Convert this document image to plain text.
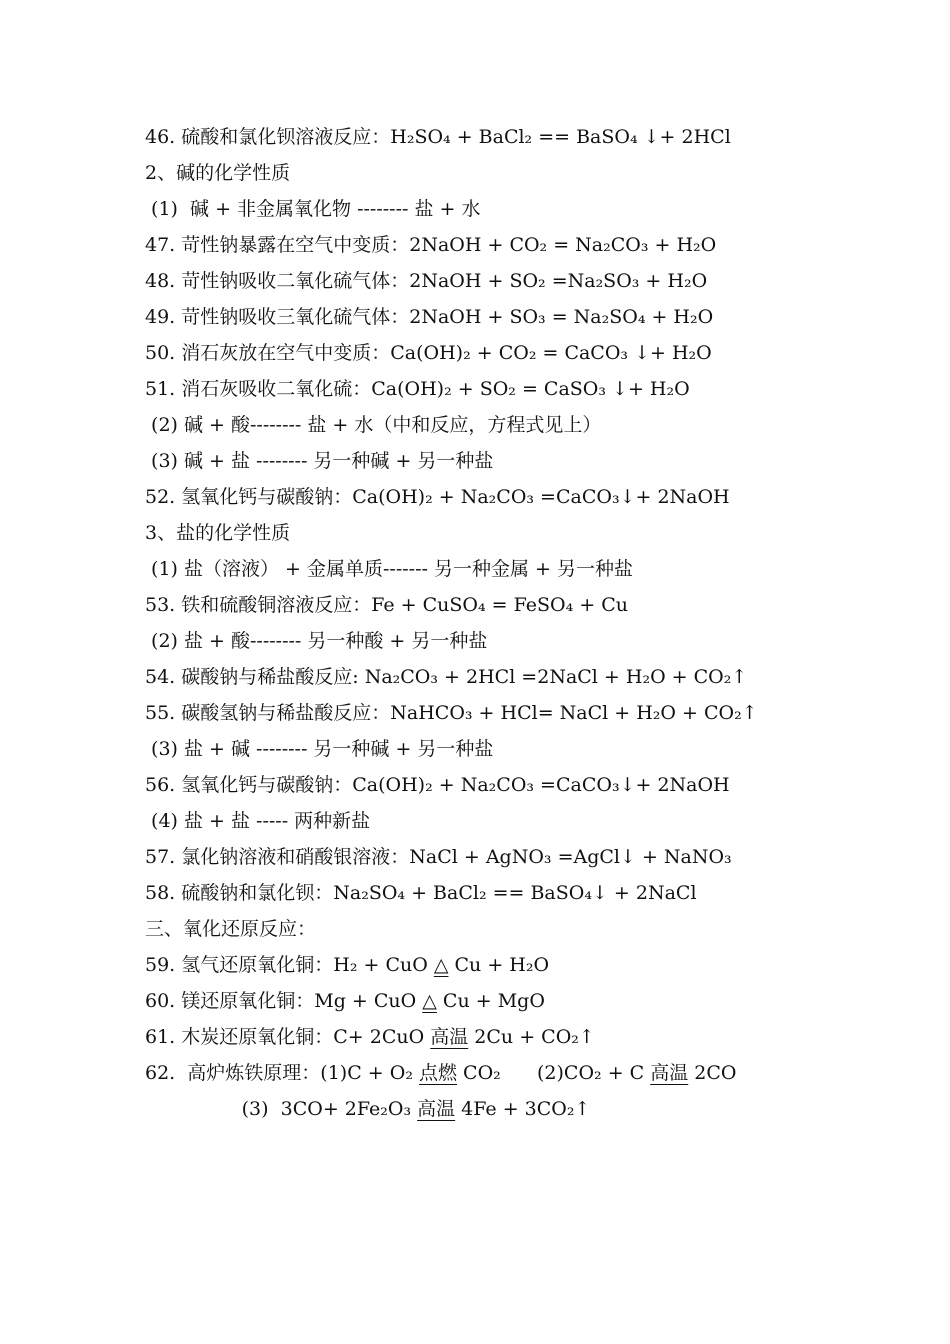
46. 硫酸和氯化钡溶液反应：H₂SO₄ + BaCl₂ == BaSO₄ ↓+ 2HCl
2、碱的化学性质
(1)  碱 + 非金属氧化物 -------- 盐 + 水
47. 苛性钠暴露在空气中变质：2NaOH + CO₂ = Na₂CO₃ + H₂O
48. 苛性钠吸收二氧化硫气体：2NaOH + SO₂ =Na₂SO₃ + H₂O
49. 苛性钠吸收三氧化硫气体：2NaOH + SO₃ = Na₂SO₄ + H₂O
50. 消石灰放在空气中变质：Ca(OH)₂ + CO₂ = CaCO₃ ↓+ H₂O
51. 消石灰吸收二氧化硫：Ca(OH)₂ + SO₂ = CaSO₃ ↓+ H₂O
(2) 碱 + 酸-------- 盐 + 水（中和反应，方程式见上）
(3) 碱 + 盐 -------- 另一种碱 + 另一种盐
52. 氢氧化钙与碳酸钠：Ca(OH)₂ + Na₂CO₃ =CaCO₃↓+ 2NaOH
3、盐的化学性质
(1) 盐（溶液） + 金属单质------- 另一种金属 + 另一种盐
53. 铁和硫酸铜溶液反应：Fe + CuSO₄ = FeSO₄ + Cu
(2) 盐 + 酸-------- 另一种酸 + 另一种盐
54. 碳酸钠与稀盐酸反应: Na₂CO₃ + 2HCl =2NaCl + H₂O + CO₂↑
55. 碳酸氢钠与稀盐酸反应：NaHCO₃ + HCl= NaCl + H₂O + CO₂↑
(3) 盐 + 碱 -------- 另一种碱 + 另一种盐
56. 氢氧化钙与碳酸钠：Ca(OH)₂ + Na₂CO₃ =CaCO₃↓+ 2NaOH
(4) 盐 + 盐 ----- 两种新盐
57. 氯化钠溶液和硝酸银溶液：NaCl + AgNO₃ =AgCl↓ + NaNO₃
58. 硫酸钠和氯化钡：Na₂SO₄ + BaCl₂ == BaSO₄↓ + 2NaCl
三、氧化还原反应：
59. 氢气还原氧化铜：H₂ + CuO △ Cu + H₂O
60. 镁还原氧化铜：Mg + CuO △ Cu + MgO
61. 木炭还原氧化铜：C+ 2CuO 高温 2Cu + CO₂↑
62.  高炉炼铁原理：(1)C + O₂ 点燃 CO₂      (2)CO₂ + C 高温 2CO
(3)  3CO+ 2Fe₂O₃ 高温 4Fe + 3CO₂↑
